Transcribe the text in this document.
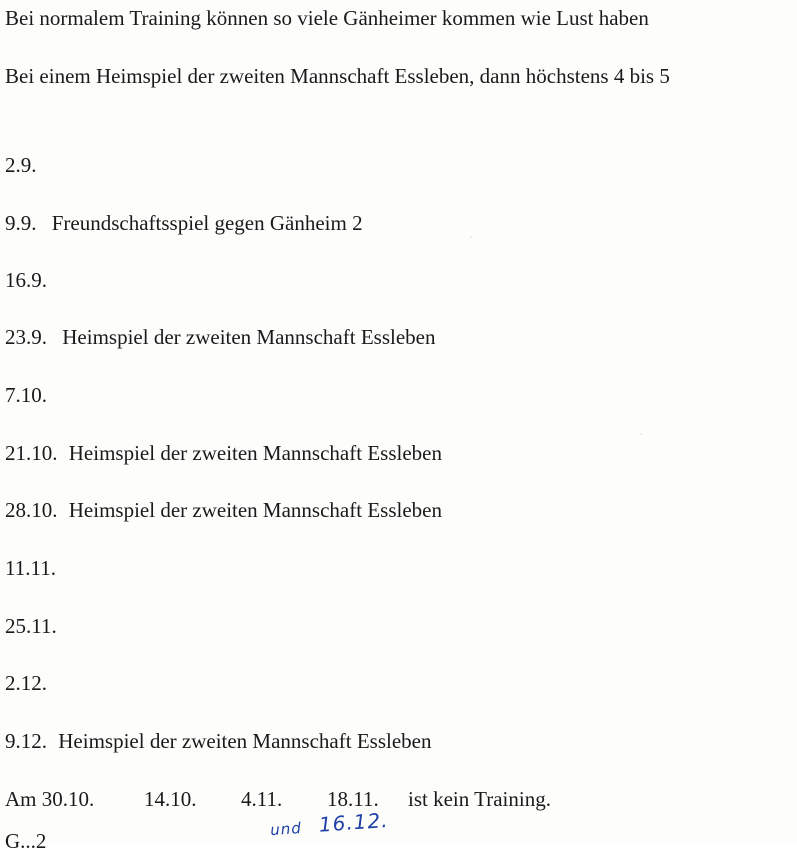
Bei normalem Training können so viele Gänheimer kommen wie Lust haben
Bei einem Heimspiel der zweiten Mannschaft Essleben, dann höchstens 4 bis 5
2.9.
9.9. Freundschaftsspiel gegen Gänheim 2
16.9.
23.9. Heimspiel der zweiten Mannschaft Essleben
7.10.
21.10. Heimspiel der zweiten Mannschaft Essleben
28.10. Heimspiel der zweiten Mannschaft Essleben
11.11.
25.11.
2.12.
9.12. Heimspiel der zweiten Mannschaft Essleben
Am 30.10. 14.10. 4.11. 18.11. ist kein Training.
und 16.12.
G...2
